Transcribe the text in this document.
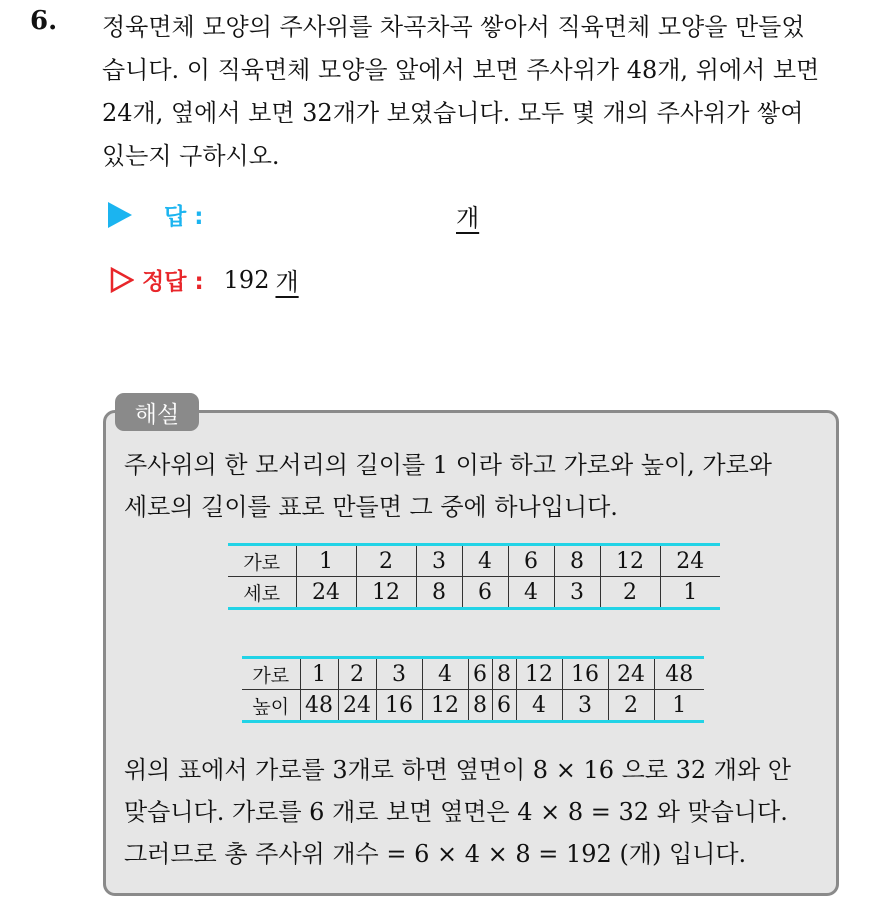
6. 정육면체 모양의 주사위를 차곡차곡 쌓아서 직육면체 모양을 만들었
습니다. 이 직육면체 모양을 앞에서 보면 주사위가 48개, 위에서 보면
24개, 옆에서 보면 32개가 보였습니다. 모두 몇 개의 주사위가 쌓여
있는지 구하시오.

답 :	개
정답 : 192 개
해설

주사위의 한 모서리의 길이를 1 이라 하고 가로와 높이, 가로와
세로의 길이를 표로 만들면 그 중에 하나입니다.

가로	1	2	3	4	6	8	12	24
세로	24	12	8	6	4	3	2	1
가로	1	2	3	4	6	8	12	16	24	48
높이	48	24	16	12	8	6	4	3	2	1

위의 표에서 가로를 3개로 하면 옆면이 8 × 16 으로 32 개와 안
맞습니다. 가로를 6 개로 보면 옆면은 4 × 8 = 32 와 맞습니다.
그러므로 총 주사위 개수 = 6 × 4 × 8 = 192 (개) 입니다.
